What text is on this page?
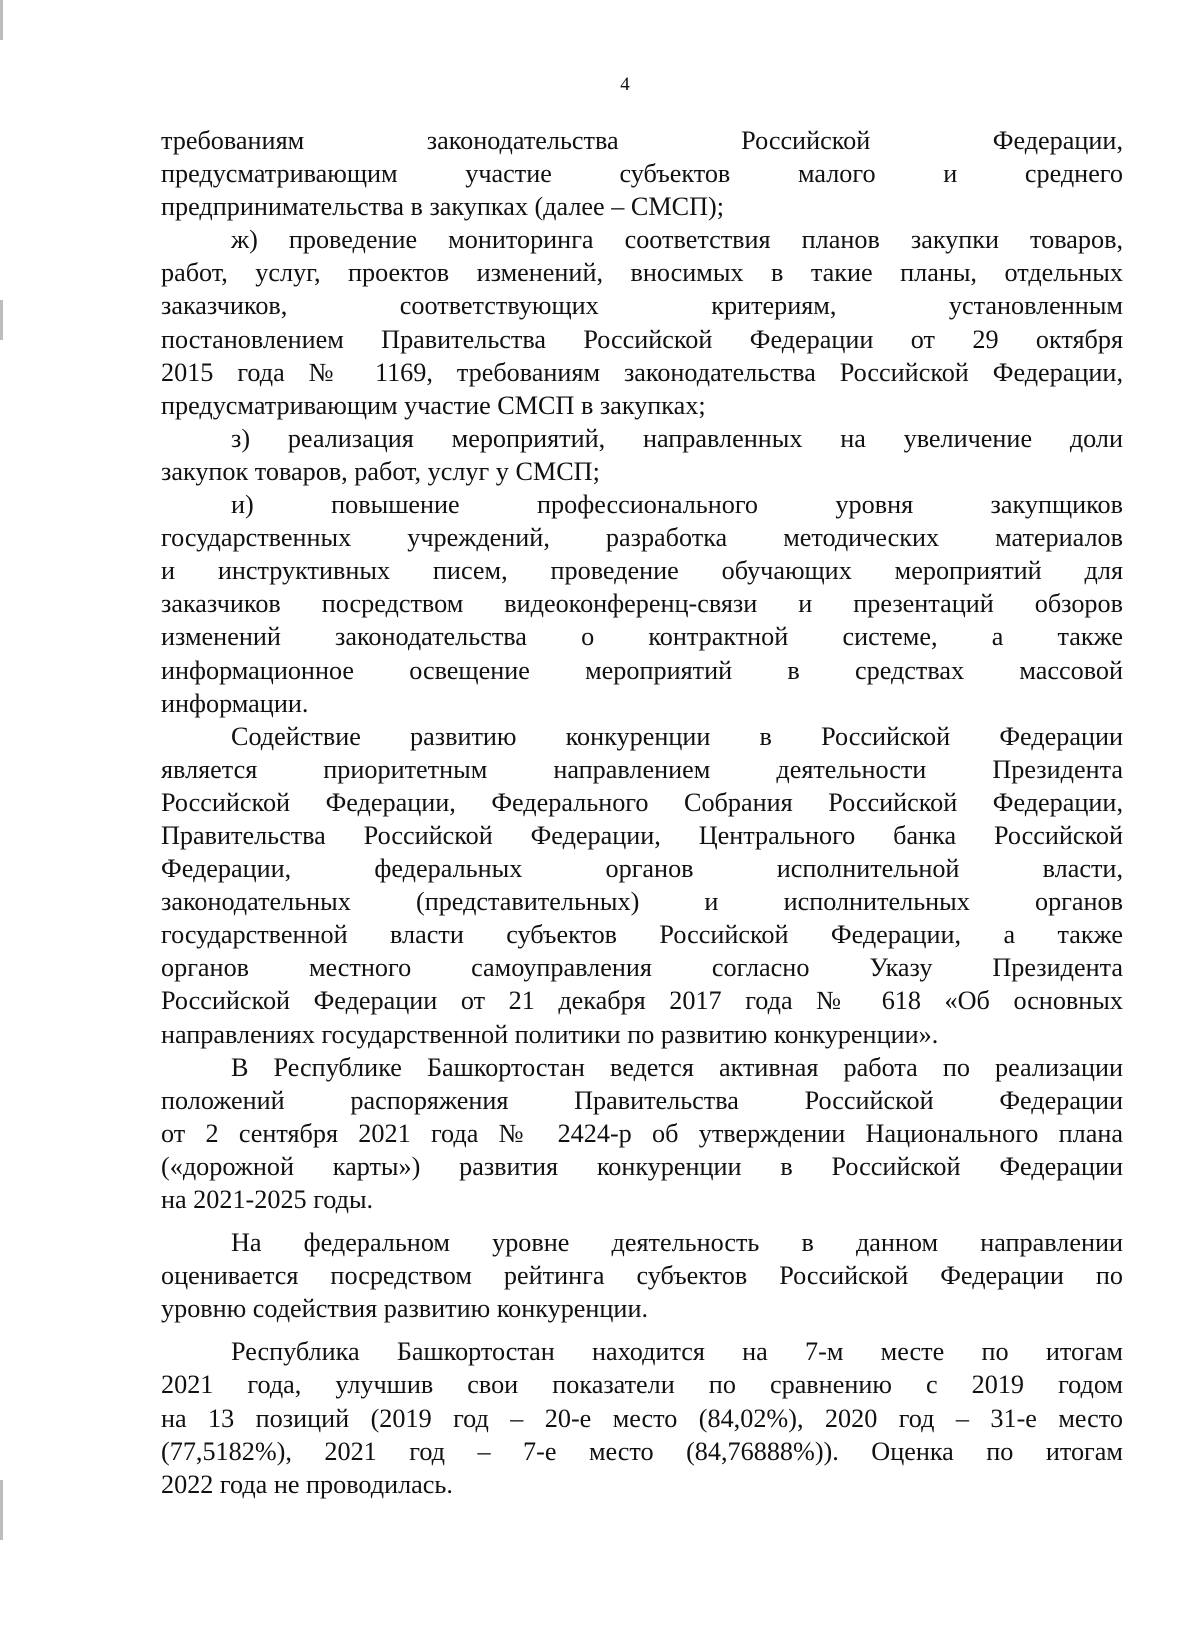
4
требованиям законодательства Российской Федерации,
предусматривающим участие субъектов малого и среднего
предпринимательства в закупках (далее – СМСП);
ж) проведение мониторинга соответствия планов закупки товаров,
работ, услуг, проектов изменений, вносимых в такие планы, отдельных
заказчиков, соответствующих критериям, установленным
постановлением Правительства Российской Федерации от 29 октября
2015 года № 1169, требованиям законодательства Российской Федерации,
предусматривающим участие СМСП в закупках;
з) реализация мероприятий, направленных на увеличение доли
закупок товаров, работ, услуг у СМСП;
и) повышение профессионального уровня закупщиков
государственных учреждений, разработка методических материалов
и инструктивных писем, проведение обучающих мероприятий для
заказчиков посредством видеоконференц-связи и презентаций обзоров
изменений законодательства о контрактной системе, а также
информационное освещение мероприятий в средствах массовой
информации.
Содействие развитию конкуренции в Российской Федерации
является приоритетным направлением деятельности Президента
Российской Федерации, Федерального Собрания Российской Федерации,
Правительства Российской Федерации, Центрального банка Российской
Федерации, федеральных органов исполнительной власти,
законодательных (представительных) и исполнительных органов
государственной власти субъектов Российской Федерации, а также
органов местного самоуправления согласно Указу Президента
Российской Федерации от 21 декабря 2017 года № 618 «Об основных
направлениях государственной политики по развитию конкуренции».
В Республике Башкортостан ведется активная работа по реализации
положений распоряжения Правительства Российской Федерации
от 2 сентября 2021 года № 2424-р об утверждении Национального плана
(«дорожной карты») развития конкуренции в Российской Федерации
на 2021-2025 годы.
На федеральном уровне деятельность в данном направлении
оценивается посредством рейтинга субъектов Российской Федерации по
уровню содействия развитию конкуренции.
Республика Башкортостан находится на 7-м месте по итогам
2021 года, улучшив свои показатели по сравнению с 2019 годом
на 13 позиций (2019 год – 20-е место (84,02%), 2020 год – 31-е место
(77,5182%), 2021 год – 7-е место (84,76888%)). Оценка по итогам
2022 года не проводилась.
